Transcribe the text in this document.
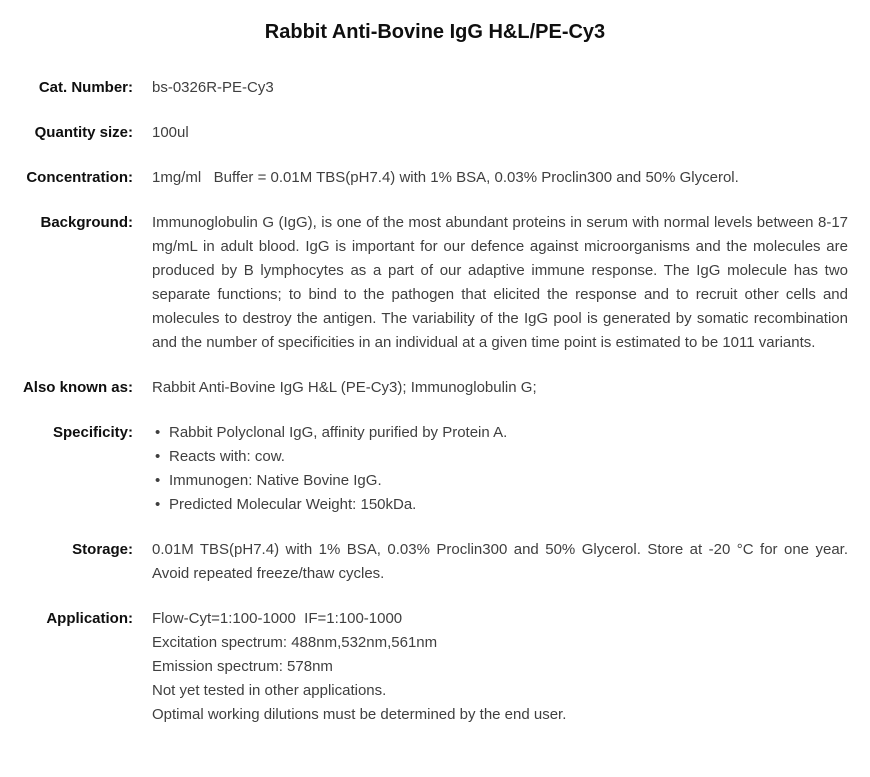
Rabbit Anti-Bovine IgG H&L/PE-Cy3
Cat. Number: bs-0326R-PE-Cy3
Quantity size: 100ul
Concentration: 1mg/ml   Buffer = 0.01M TBS(pH7.4) with 1% BSA, 0.03% Proclin300 and 50% Glycerol.
Background: Immunoglobulin G (IgG), is one of the most abundant proteins in serum with normal levels between 8-17 mg/mL in adult blood. IgG is important for our defence against microorganisms and the molecules are produced by B lymphocytes as a part of our adaptive immune response. The IgG molecule has two separate functions; to bind to the pathogen that elicited the response and to recruit other cells and molecules to destroy the antigen. The variability of the IgG pool is generated by somatic recombination and the number of specificities in an individual at a given time point is estimated to be 1011 variants.
Also known as: Rabbit Anti-Bovine IgG H&L (PE-Cy3); Immunoglobulin G;
Specificity: • Rabbit Polyclonal IgG, affinity purified by Protein A.
• Reacts with: cow.
• Immunogen: Native Bovine IgG.
• Predicted Molecular Weight: 150kDa.
Storage: 0.01M TBS(pH7.4) with 1% BSA, 0.03% Proclin300 and 50% Glycerol. Store at -20 °C for one year. Avoid repeated freeze/thaw cycles.
Application: Flow-Cyt=1:100-1000  IF=1:100-1000
Excitation spectrum: 488nm,532nm,561nm
Emission spectrum: 578nm
Not yet tested in other applications.
Optimal working dilutions must be determined by the end user.
